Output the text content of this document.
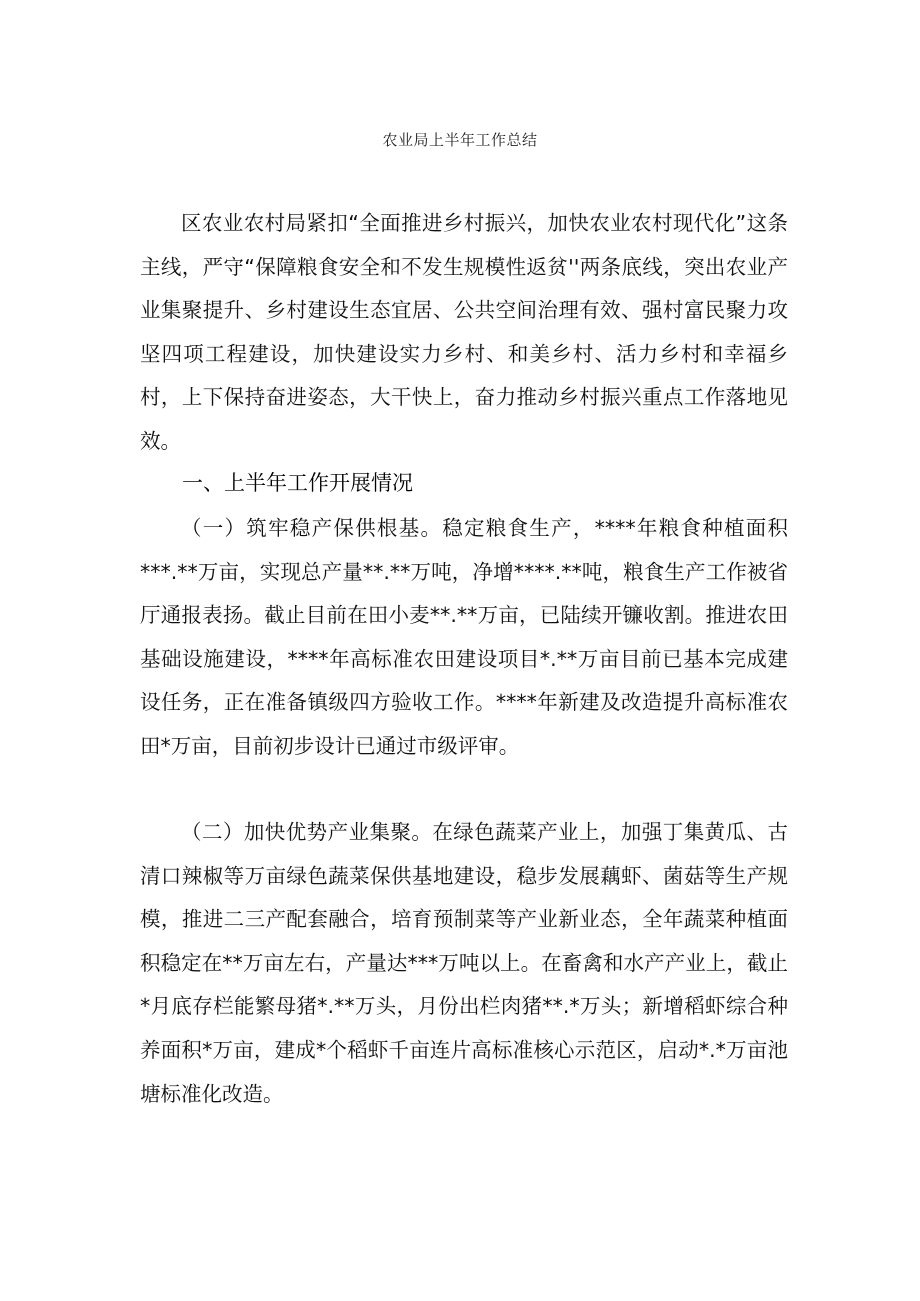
农业局上半年工作总结

区农业农村局紧扣“全面推进乡村振兴，加快农业农村现代化”这条主线，严守“保障粮食安全和不发生规模性返贫''两条底线，突出农业产业集聚提升、乡村建设生态宜居、公共空间治理有效、强村富民聚力攻坚四项工程建设，加快建设实力乡村、和美乡村、活力乡村和幸福乡村，上下保持奋进姿态，大干快上，奋力推动乡村振兴重点工作落地见效。

一、上半年工作开展情况

（一）筑牢稳产保供根基。稳定粮食生产，****年粮食种植面积***.**万亩，实现总产量**.**万吨，净增****.**吨，粮食生产工作被省厅通报表扬。截止目前在田小麦**.**万亩，已陆续开镰收割。推进农田基础设施建设，****年高标准农田建设项目*.**万亩目前已基本完成建设任务，正在准备镇级四方验收工作。****年新建及改造提升高标准农田*万亩，目前初步设计已通过市级评审。

（二）加快优势产业集聚。在绿色蔬菜产业上，加强丁集黄瓜、古清口辣椒等万亩绿色蔬菜保供基地建设，稳步发展藕虾、菌菇等生产规模，推进二三产配套融合，培育预制菜等产业新业态，全年蔬菜种植面积稳定在**万亩左右，产量达***万吨以上。在畜禽和水产产业上，截止*月底存栏能繁母猪*.**万头，月份出栏肉猪**.*万头；新增稻虾综合种养面积*万亩，建成*个稻虾千亩连片高标准核心示范区，启动*.*万亩池塘标准化改造。
